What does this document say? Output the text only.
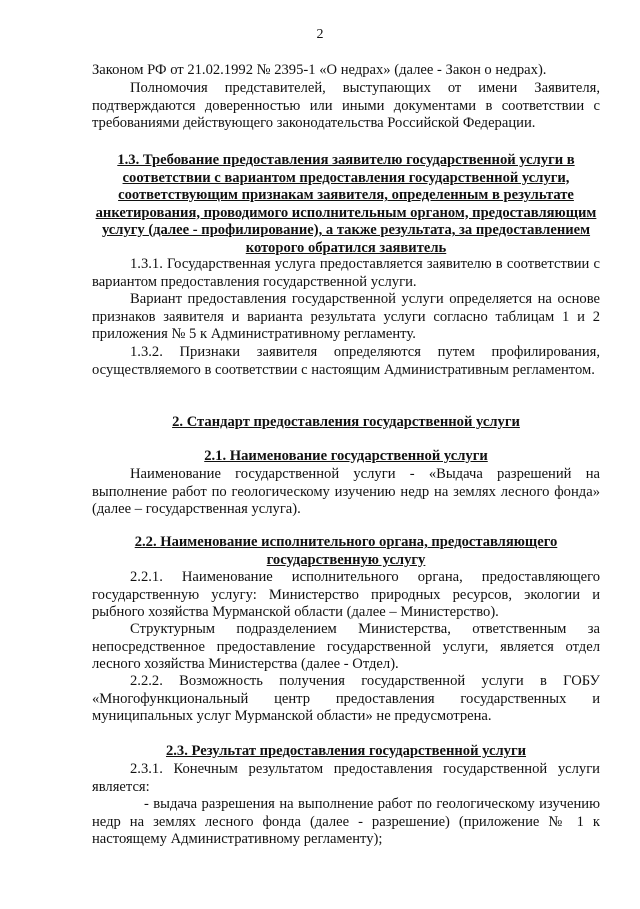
2

Законом РФ от 21.02.1992 № 2395-1 «О недрах» (далее - Закон о недрах).

Полномочия представителей, выступающих от имени Заявителя, подтверждаются доверенностью или иными документами в соответствии с требованиями действующего законодательства Российской Федерации.

1.3. Требование предоставления заявителю государственной услуги в соответствии с вариантом предоставления государственной услуги, соответствующим признакам заявителя, определенным в результате анкетирования, проводимого исполнительным органом, предоставляющим услугу (далее - профилирование), а также результата, за предоставлением которого обратился заявитель

1.3.1. Государственная услуга предоставляется заявителю в соответствии с вариантом предоставления государственной услуги.

Вариант предоставления государственной услуги определяется на основе признаков заявителя и варианта результата услуги согласно таблицам 1 и 2 приложения № 5 к Административному регламенту.

1.3.2. Признаки заявителя определяются путем профилирования, осуществляемого в соответствии с настоящим Административным регламентом.

2. Стандарт предоставления государственной услуги

2.1. Наименование государственной услуги

Наименование государственной услуги - «Выдача разрешений на выполнение работ по геологическому изучению недр на землях лесного фонда» (далее – государственная услуга).

2.2. Наименование исполнительного органа, предоставляющего государственную услугу

2.2.1. Наименование исполнительного органа, предоставляющего государственную услугу: Министерство природных ресурсов, экологии и рыбного хозяйства Мурманской области (далее – Министерство).

Структурным подразделением Министерства, ответственным за непосредственное предоставление государственной услуги, является отдел лесного хозяйства Министерства (далее - Отдел).

2.2.2. Возможность получения государственной услуги в ГОБУ «Многофункциональный центр предоставления государственных и муниципальных услуг Мурманской области» не предусмотрена.

2.3. Результат предоставления государственной услуги

2.3.1. Конечным результатом предоставления государственной услуги является:

- выдача разрешения на выполнение работ по геологическому изучению недр на землях лесного фонда (далее - разрешение) (приложение № 1 к настоящему Административному регламенту);
